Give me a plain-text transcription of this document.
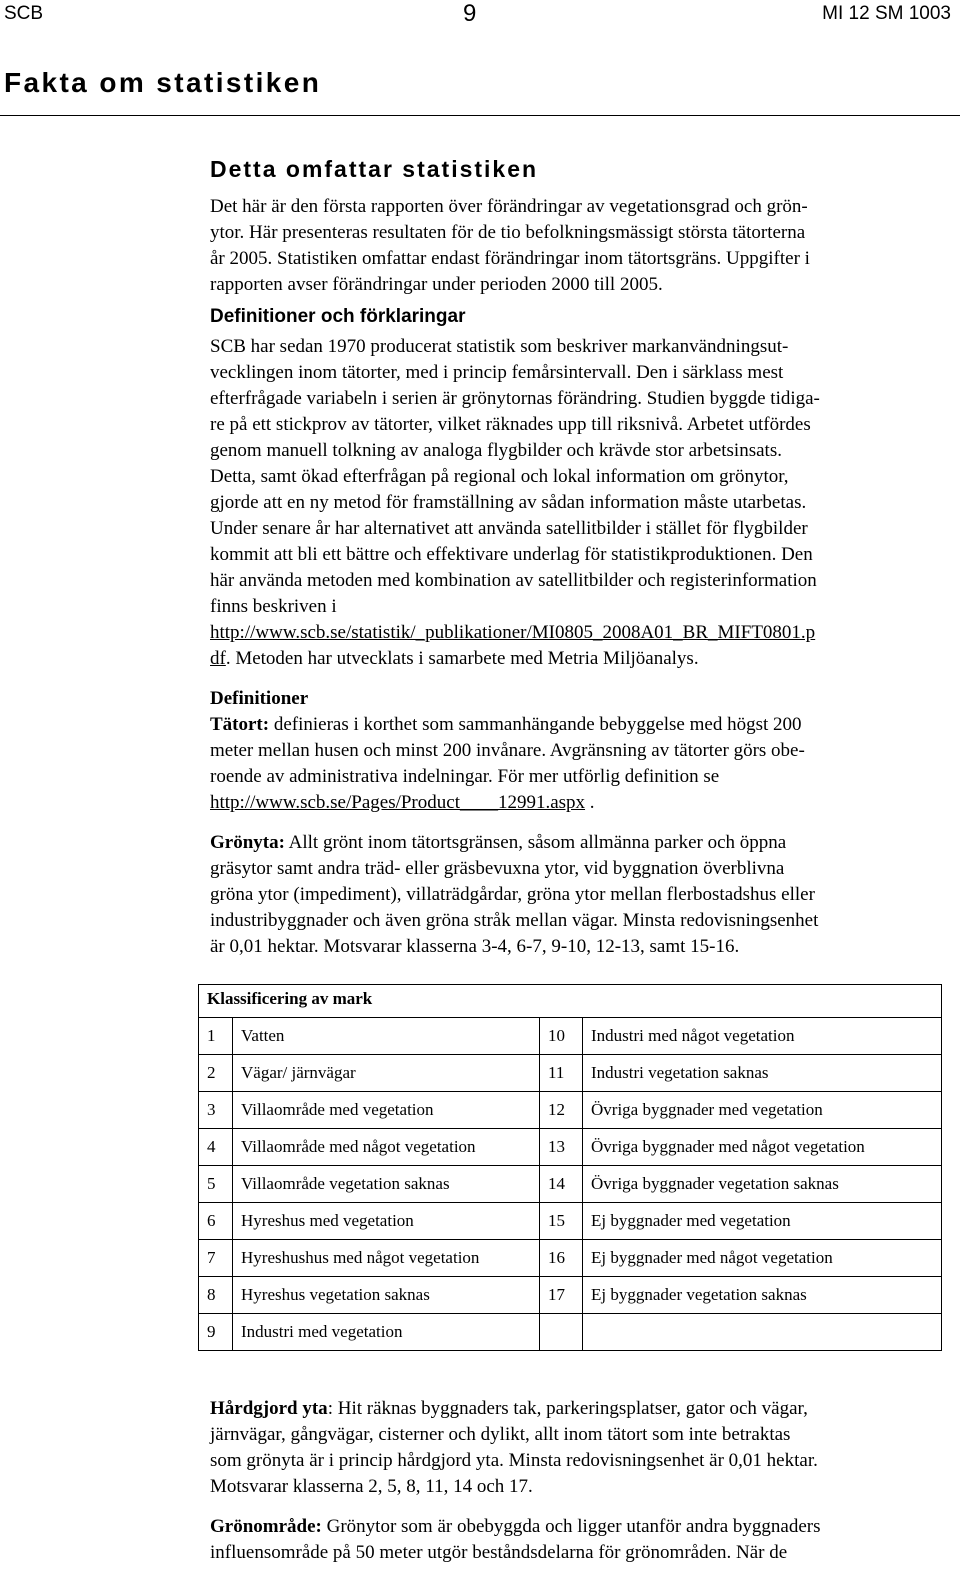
SCB	9	MI 12 SM 1003
Fakta om statistiken
Detta omfattar statistiken

Det här är den första rapporten över förändringar av vegetationsgrad och grön-
ytor. Här presenteras resultaten för de tio befolkningsmässigt största tätorterna
år 2005. Statistiken omfattar endast förändringar inom tätortsgräns. Uppgifter i
rapporten avser förändringar under perioden 2000 till 2005.

Definitioner och förklaringar

SCB har sedan 1970 producerat statistik som beskriver markanvändningsut-
vecklingen inom tätorter, med i princip femårsintervall. Den i särklass mest
efterfrågade variabeln i serien är grönytornas förändring. Studien byggde tidiga-
re på ett stickprov av tätorter, vilket räknades upp till riksnivå. Arbetet utfördes
genom manuell tolkning av analoga flygbilder och krävde stor arbetsinsats.
Detta, samt ökad efterfrågan på regional och lokal information om grönytor,
gjorde att en ny metod för framställning av sådan information måste utarbetas.
Under senare år har alternativet att använda satellitbilder i stället för flygbilder
kommit att bli ett bättre och effektivare underlag för statistikproduktionen. Den
här använda metoden med kombination av satellitbilder och registerinformation
finns beskriven i
http://www.scb.se/statistik/_publikationer/MI0805_2008A01_BR_MIFT0801.p
df. Metoden har utvecklats i samarbete med Metria Miljöanalys.

Definitioner

Tätort: definieras i korthet som sammanhängande bebyggelse med högst 200
meter mellan husen och minst 200 invånare. Avgränsning av tätorter görs obe-
roende av administrativa indelningar. För mer utförlig definition se
http://www.scb.se/Pages/Product____12991.aspx .

Grönyta: Allt grönt inom tätortsgränsen, såsom allmänna parker och öppna
gräsytor samt andra träd- eller gräsbevuxna ytor, vid byggnation överblivna
gröna ytor (impediment), villaträdgårdar, gröna ytor mellan flerbostadshus eller
industribyggnader och även gröna stråk mellan vägar. Minsta redovisningsenhet
är 0,01 hektar. Motsvarar klasserna 3-4, 6-7, 9-10, 12-13, samt 15-16.

Klassificering av mark			
1	Vatten	10	Industri med något vegetation
2	Vägar/ järnvägar	11	Industri vegetation saknas
3	Villaområde med vegetation	12	Övriga byggnader med vegetation
4	Villaområde med något vegetation	13	Övriga byggnader med något vegetation
5	Villaområde vegetation saknas	14	Övriga byggnader vegetation saknas
6	Hyreshus med vegetation	15	Ej byggnader med vegetation
7	Hyreshushus med något vegetation	16	Ej byggnader med något vegetation
8	Hyreshus vegetation saknas	17	Ej byggnader vegetation saknas
9	Industri med vegetation		

Hårdgjord yta: Hit räknas byggnaders tak, parkeringsplatser, gator och vägar,
järnvägar, gångvägar, cisterner och dylikt, allt inom tätort som inte betraktas
som grönyta är i princip hårdgjord yta. Minsta redovisningsenhet är 0,01 hektar.
Motsvarar klasserna 2, 5, 8, 11, 14 och 17.

Grönområde: Grönytor som är obebyggda och ligger utanför andra byggnaders
influensområde på 50 meter utgör beståndsdelarna för grönområden. När de
